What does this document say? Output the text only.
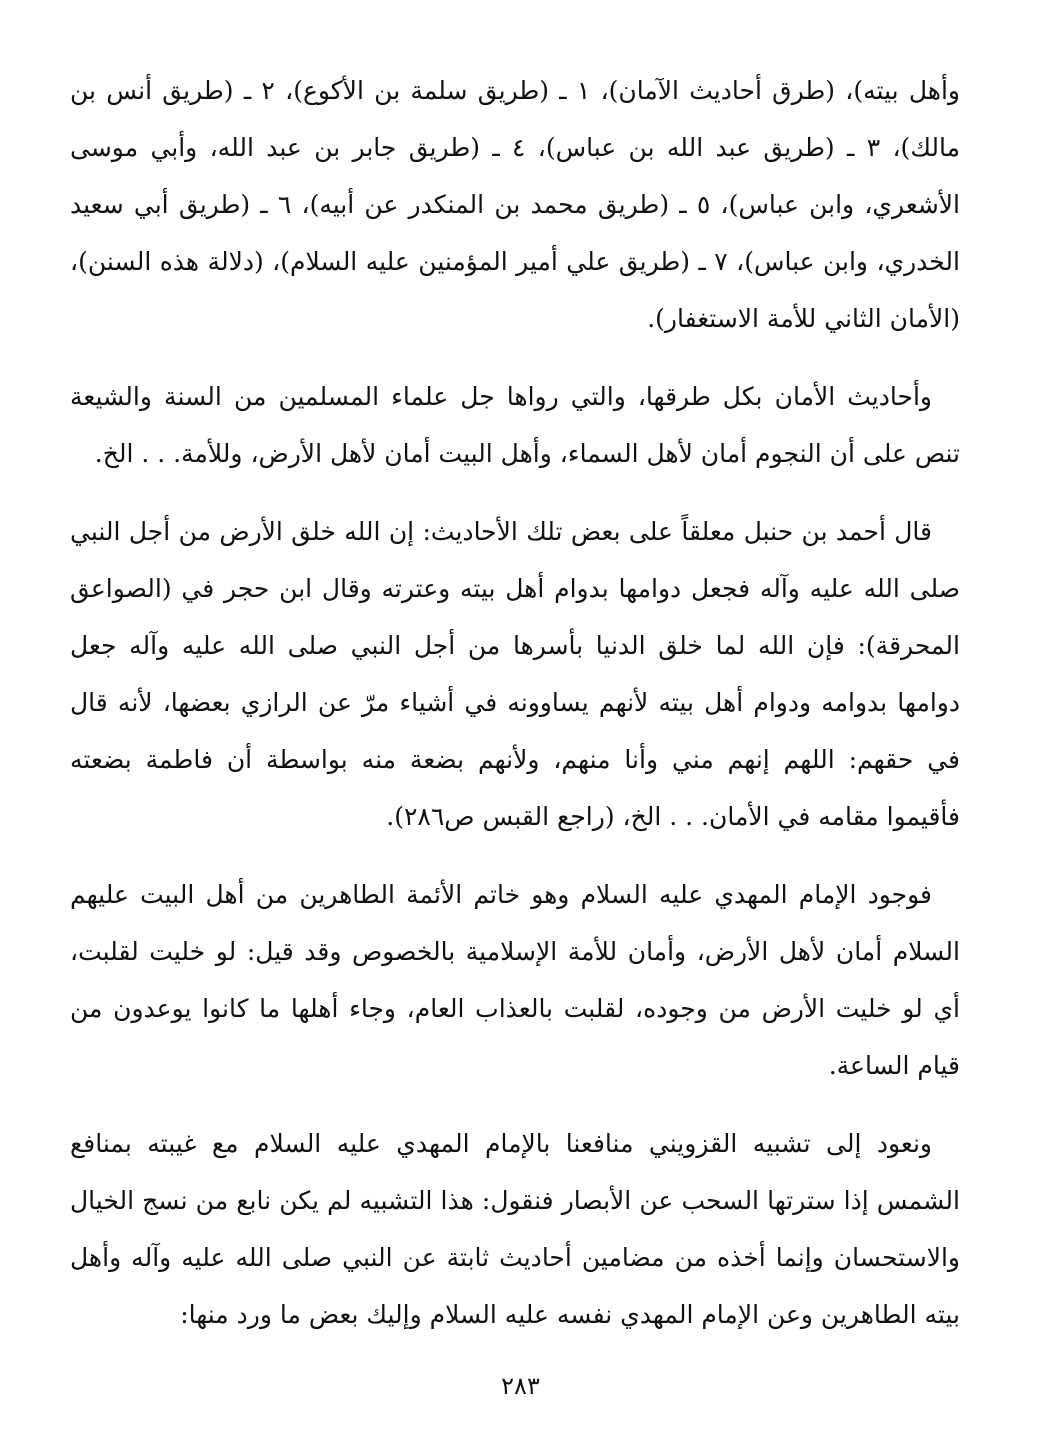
وأهل بيته)، (طرق أحاديث الآمان)، ١ ـ (طريق سلمة بن الأكوع)، ٢ ـ (طريق أنس بن مالك)، ٣ ـ (طريق عبد الله بن عباس)، ٤ ـ (طريق جابر بن عبد الله، وأبي موسى الأشعري، وابن عباس)، ٥ ـ (طريق محمد بن المنكدر عن أبيه)، ٦ ـ (طريق أبي سعيد الخدري، وابن عباس)، ٧ ـ (طريق علي أمير المؤمنين عليه السلام)، (دلالة هذه السنن)، (الأمان الثاني للأمة الاستغفار).

وأحاديث الأمان بكل طرقها، والتي رواها جل علماء المسلمين من السنة والشيعة تنص على أن النجوم أمان لأهل السماء، وأهل البيت أمان لأهل الأرض، وللأمة. . . الخ.

قال أحمد بن حنبل معلقاً على بعض تلك الأحاديث: إن الله خلق الأرض من أجل النبي صلى الله عليه وآله فجعل دوامها بدوام أهل بيته وعترته وقال ابن حجر في (الصواعق المحرقة): فإن الله لما خلق الدنيا بأسرها من أجل النبي صلى الله عليه وآله جعل دوامها بدوامه ودوام أهل بيته لأنهم يساوونه في أشياء مرّ عن الرازي بعضها، لأنه قال في حقهم: اللهم إنهم مني وأنا منهم، ولأنهم بضعة منه بواسطة أن فاطمة بضعته فأقيموا مقامه في الأمان. . . الخ، (راجع القبس ص٢٨٦).

فوجود الإمام المهدي عليه السلام وهو خاتم الأئمة الطاهرين من أهل البيت عليهم السلام أمان لأهل الأرض، وأمان للأمة الإسلامية بالخصوص وقد قيل: لو خليت لقلبت، أي لو خليت الأرض من وجوده، لقلبت بالعذاب العام، وجاء أهلها ما كانوا يوعدون من قيام الساعة.

ونعود إلى تشبيه القزويني منافعنا بالإمام المهدي عليه السلام مع غيبته بمنافع الشمس إذا سترتها السحب عن الأبصار فنقول: هذا التشبيه لم يكن نابع من نسج الخيال والاستحسان وإنما أخذه من مضامين أحاديث ثابتة عن النبي صلى الله عليه وآله وأهل بيته الطاهرين وعن الإمام المهدي نفسه عليه السلام وإليك بعض ما ورد منها:

٢٨٣
